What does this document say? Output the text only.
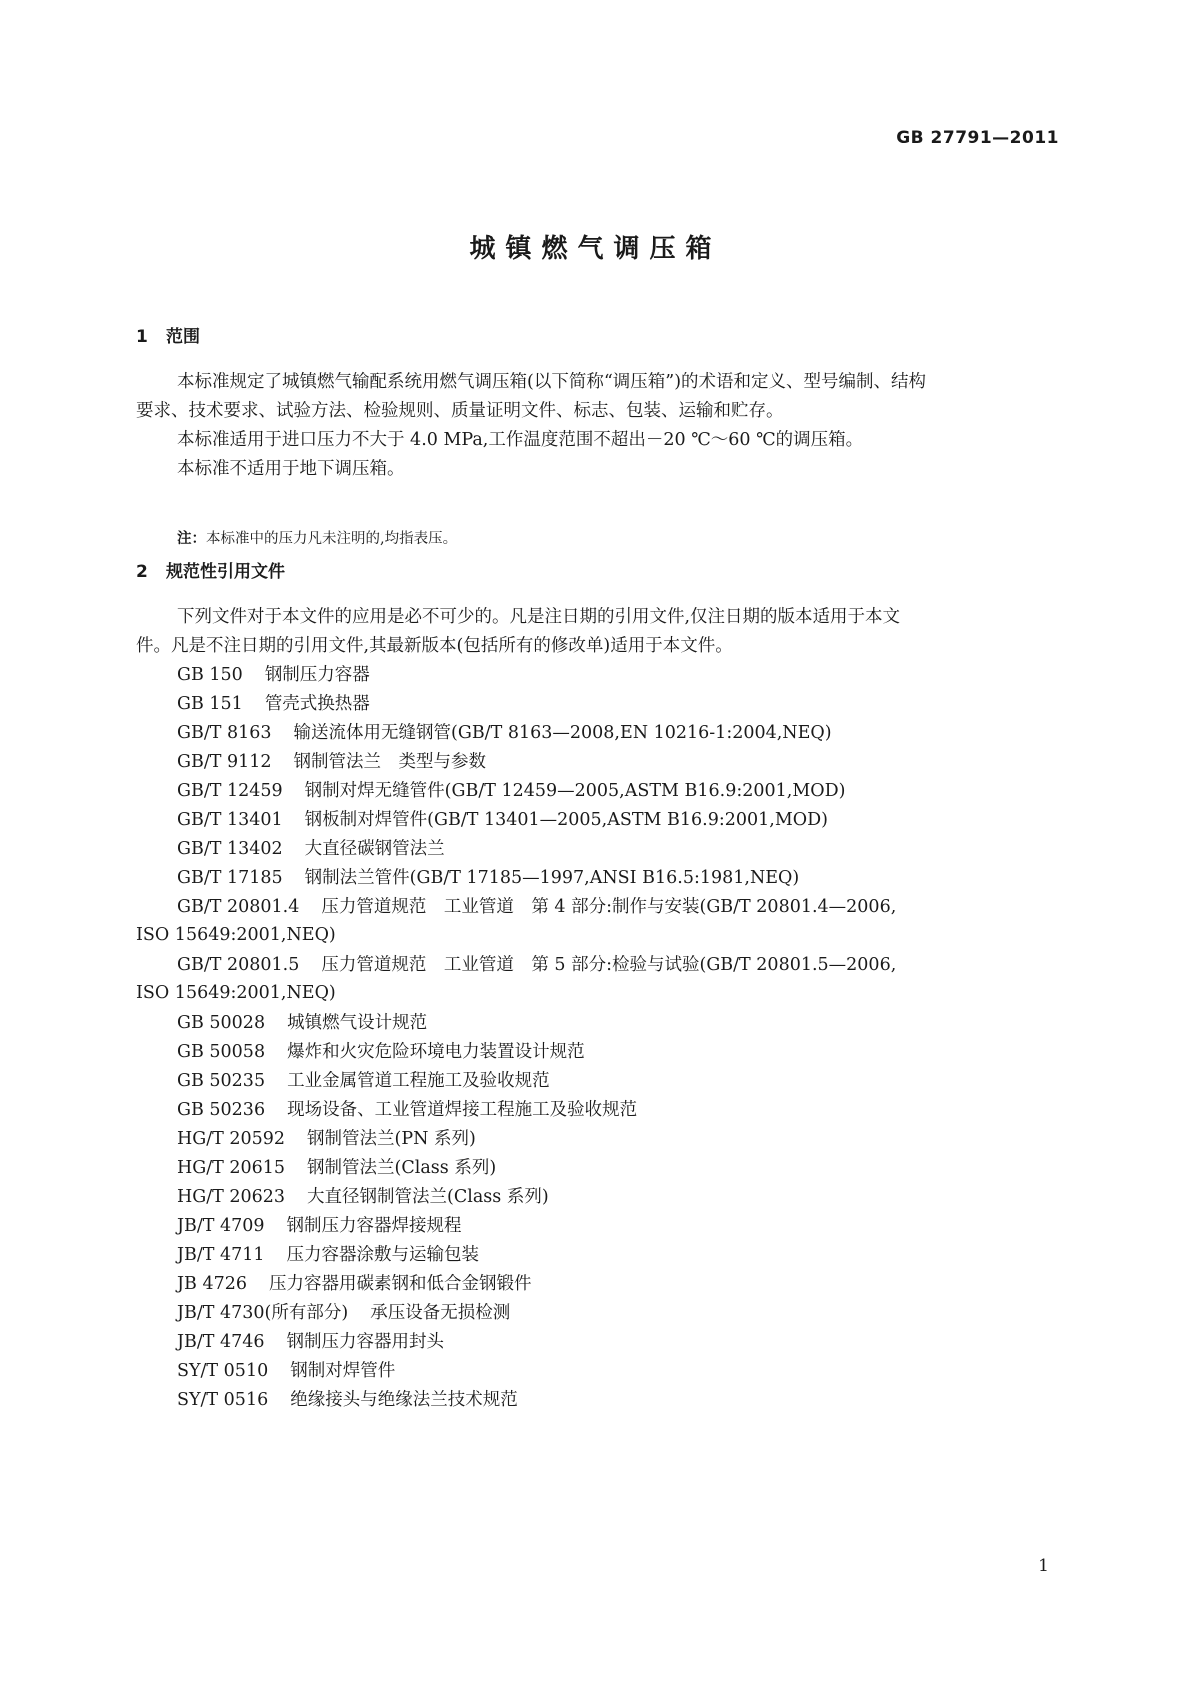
GB 27791—2011
城镇燃气调压箱
1 范围
本标准规定了城镇燃气输配系统用燃气调压箱(以下简称“调压箱”)的术语和定义、型号编制、结构
要求、技术要求、试验方法、检验规则、质量证明文件、标志、包装、运输和贮存。
本标准适用于进口压力不大于 4.0 MPa,工作温度范围不超出－20 ℃～60 ℃的调压箱。
本标准不适用于地下调压箱。
注：本标准中的压力凡未注明的,均指表压。
2 规范性引用文件
下列文件对于本文件的应用是必不可少的。凡是注日期的引用文件,仅注日期的版本适用于本文
件。凡是不注日期的引用文件,其最新版本(包括所有的修改单)适用于本文件。
GB 150 钢制压力容器
GB 151 管壳式换热器
GB/T 8163 输送流体用无缝钢管(GB/T 8163—2008,EN 10216-1:2004,NEQ)
GB/T 9112 钢制管法兰　类型与参数
GB/T 12459 钢制对焊无缝管件(GB/T 12459—2005,ASTM B16.9:2001,MOD)
GB/T 13401 钢板制对焊管件(GB/T 13401—2005,ASTM B16.9:2001,MOD)
GB/T 13402 大直径碳钢管法兰
GB/T 17185 钢制法兰管件(GB/T 17185—1997,ANSI B16.5:1981,NEQ)
GB/T 20801.4 压力管道规范　工业管道　第 4 部分:制作与安装(GB/T 20801.4—2006,
ISO 15649:2001,NEQ)
GB/T 20801.5 压力管道规范　工业管道　第 5 部分:检验与试验(GB/T 20801.5—2006,
ISO 15649:2001,NEQ)
GB 50028 城镇燃气设计规范
GB 50058 爆炸和火灾危险环境电力装置设计规范
GB 50235 工业金属管道工程施工及验收规范
GB 50236 现场设备、工业管道焊接工程施工及验收规范
HG/T 20592 钢制管法兰(PN 系列)
HG/T 20615 钢制管法兰(Class 系列)
HG/T 20623 大直径钢制管法兰(Class 系列)
JB/T 4709 钢制压力容器焊接规程
JB/T 4711 压力容器涂敷与运输包装
JB 4726 压力容器用碳素钢和低合金钢锻件
JB/T 4730(所有部分) 承压设备无损检测
JB/T 4746 钢制压力容器用封头
SY/T 0510 钢制对焊管件
SY/T 0516 绝缘接头与绝缘法兰技术规范
1
